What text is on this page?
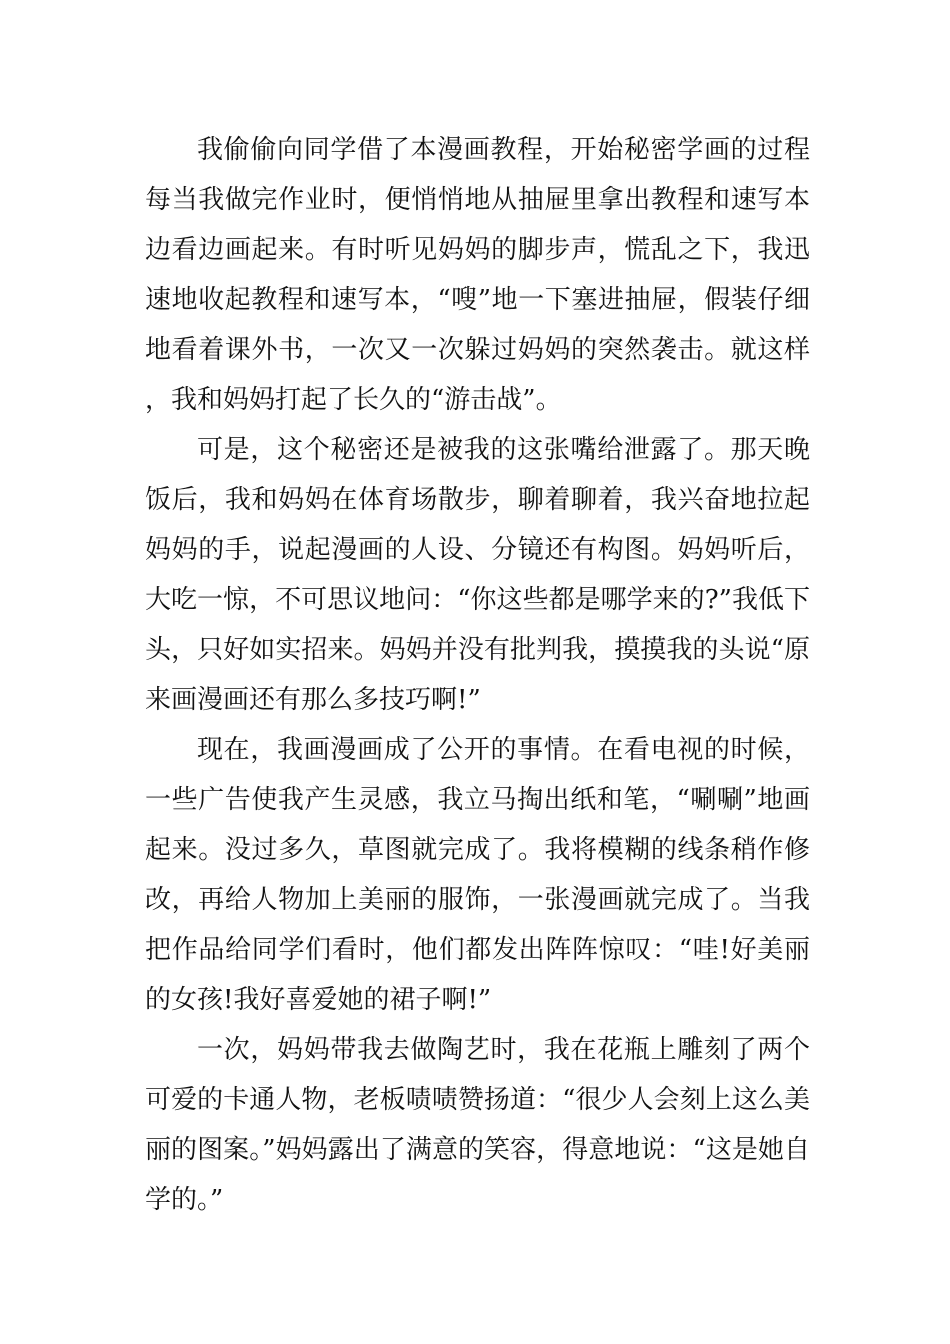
我偷偷向同学借了本漫画教程，开始秘密学画的过程每当我做完作业时，便悄悄地从抽屉里拿出教程和速写本边看边画起来。有时听见妈妈的脚步声，慌乱之下，我迅速地收起教程和速写本，“嗖”地一下塞进抽屉，假装仔细地看着课外书，一次又一次躲过妈妈的突然袭击。就这样，我和妈妈打起了长久的“游击战”。

可是，这个秘密还是被我的这张嘴给泄露了。那天晚饭后，我和妈妈在体育场散步，聊着聊着，我兴奋地拉起妈妈的手，说起漫画的人设、分镜还有构图。妈妈听后，大吃一惊，不可思议地问：“你这些都是哪学来的?”我低下头，只好如实招来。妈妈并没有批判我，摸摸我的头说“原来画漫画还有那么多技巧啊!”

现在，我画漫画成了公开的事情。在看电视的时候，一些广告使我产生灵感，我立马掏出纸和笔，“唰唰”地画起来。没过多久，草图就完成了。我将模糊的线条稍作修改，再给人物加上美丽的服饰，一张漫画就完成了。当我把作品给同学们看时，他们都发出阵阵惊叹：“哇!好美丽的女孩!我好喜爱她的裙子啊!”

一次，妈妈带我去做陶艺时，我在花瓶上雕刻了两个可爱的卡通人物，老板啧啧赞扬道：“很少人会刻上这么美丽的图案。”妈妈露出了满意的笑容，得意地说：“这是她自学的。”
